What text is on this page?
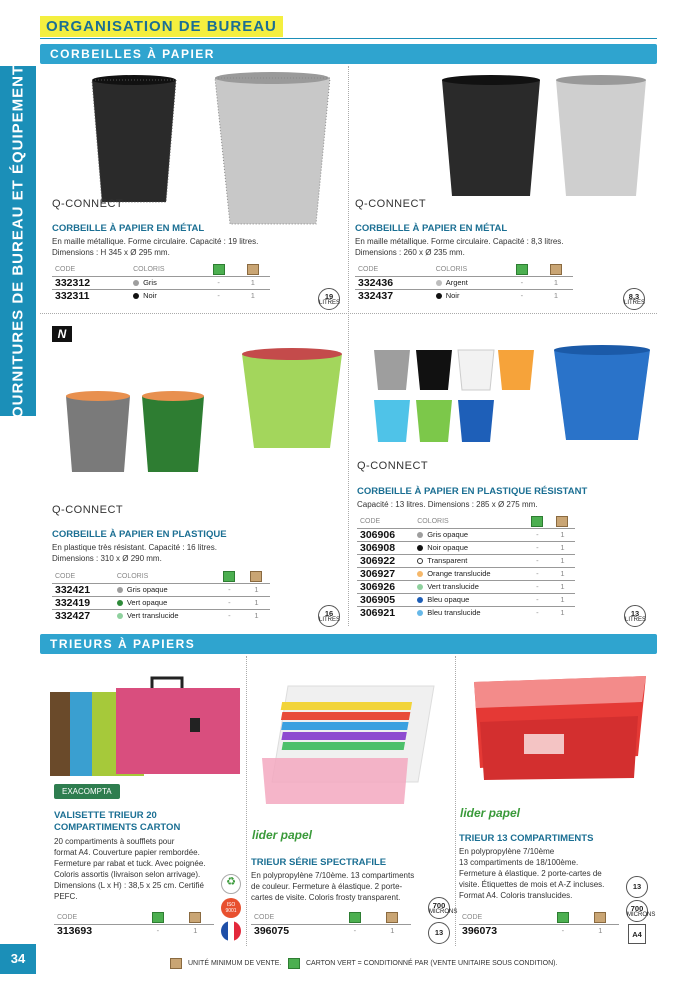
FOURNITURES DE BUREAU ET ÉQUIPEMENTS
ORGANISATION DE BUREAU
CORBEILLES À PAPIER
Q-CONNECT
CORBEILLE À PAPIER EN MÉTAL
En maille métallique. Forme circulaire. Capacité : 19 litres.
Dimensions : H 345 x Ø 295 mm.
CODE	COLORIS		
332312	Gris	-	1
332311	Noir	-	1	19
LITRES
Q-CONNECT
CORBEILLE À PAPIER EN MÉTAL
En maille métallique. Forme circulaire. Capacité : 8,3 litres.
Dimensions : 260 x Ø 235 mm.
CODE	COLORIS		
332436	Argent	-	1
332437	Noir	-	1	8,3
LITRES
N
Q-CONNECT
CORBEILLE À PAPIER EN PLASTIQUE
En plastique très résistant. Capacité : 16 litres.
Dimensions : 310 x Ø 290 mm.
CODE	COLORIS		
332421	Gris opaque	-	1
332419	Vert opaque	-	1
332427	Vert translucide	-	1	16
LITRES
Q-CONNECT
CORBEILLE À PAPIER EN PLASTIQUE RÉSISTANT
Capacité : 13 litres. Dimensions : 285 x Ø 275 mm.
CODE	COLORIS		
306906	Gris opaque	-	1
306908	Noir opaque	-	1
306922	Transparent	-	1
306927	Orange translucide	-	1
306926	Vert translucide	-	1
306905	Bleu opaque	-	1
306921	Bleu translucide	-	1	13
LITRES
TRIEURS À PAPIERS
EXACOMPTA
VALISETTE TRIEUR 20
COMPARTIMENTS CARTON
20 compartiments à soufflets pour
format A4. Couverture papier rembordée.
Fermeture par rabat et tuck. Avec poignée.
Coloris assortis (livraison selon arrivage).
Dimensions (L x H) : 38,5 x 25 cm. Certifié
PEFC.
♻
ISO 9001
CODE		
313693	-	1
lider papel
TRIEUR SÉRIE SPECTRAFILE
En polypropylène 7/10ème. 13 compartiments
de couleur. Fermeture à élastique. 2 porte-
cartes de visite. Coloris frosty transparent.
CODE		
396075	-	1
700
MICRONS
13
lider papel
TRIEUR 13 COMPARTIMENTS
En polypropylène 7/10ème
13 compartiments de 18/100ème.
Fermeture à élastique. 2 porte-cartes de
visite. Étiquettes de mois et A-Z incluses.
Format A4. Coloris translucides.
CODE		
396073	-	1
13
700
MICRONS
A4
34	UNITÉ MINIMUM DE VENTE.	CARTON VERT = CONDITIONNÉ PAR (VENTE UNITAIRE SOUS CONDITION).
